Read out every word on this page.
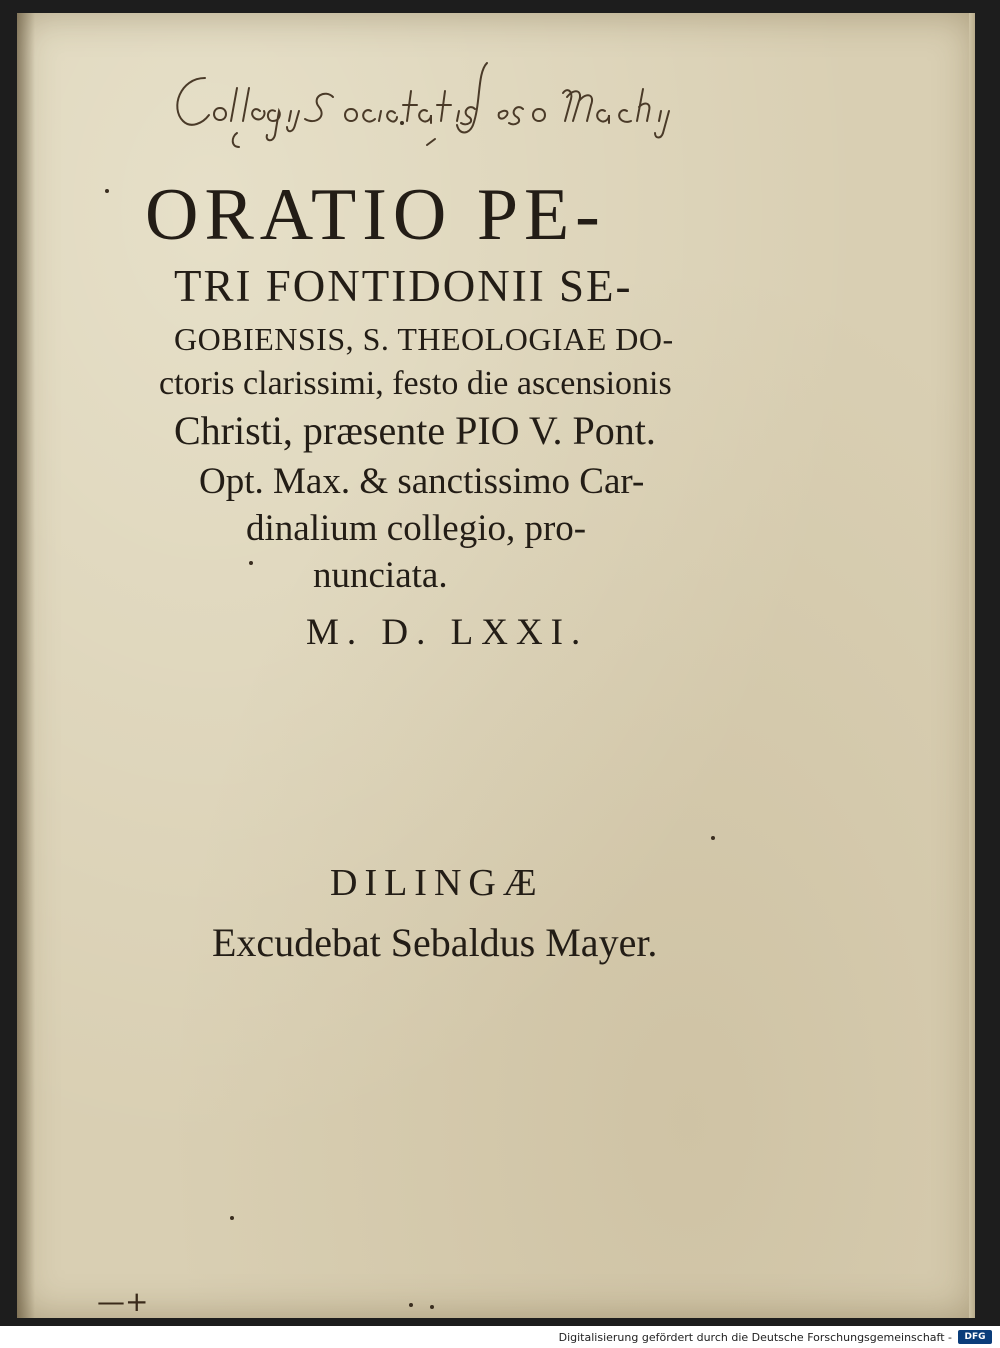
ORATIO PE-
TRI FONTIDONII SE-
GOBIENSIS, S. THEOLOGIAE DO-
ctoris clarissimi, festo die ascensionis
Christi, præsente PIO V. Pont.
Opt. Max. & sanctissimo Car-
dinalium collegio, pro-
nunciata.
M. D. LXXI.
DILINGÆ
Excudebat Sebaldus Mayer.
—+
Digitalisierung gefördert durch die Deutsche Forschungsgemeinschaft -	DFG
